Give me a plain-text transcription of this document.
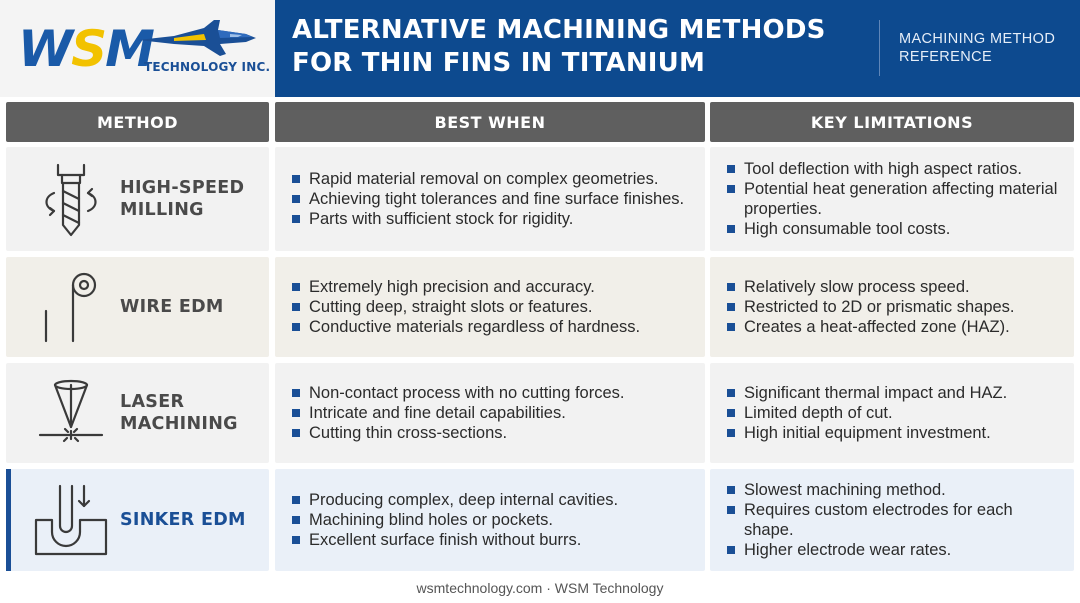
WSM
TECHNOLOGY INC.
ALTERNATIVE MACHINING METHODS
FOR THIN FINS IN TITANIUM
MACHINING METHOD
REFERENCE
METHOD	BEST WHEN	KEY LIMITATIONS
HIGH-SPEED
MILLING
Rapid material removal on complex geometries.
Achieving tight tolerances and fine surface finishes.
Parts with sufficient stock for rigidity.
Tool deflection with high aspect ratios.
Potential heat generation affecting material properties.
High consumable tool costs.
WIRE EDM
Extremely high precision and accuracy.
Cutting deep, straight slots or features.
Conductive materials regardless of hardness.
Relatively slow process speed.
Restricted to 2D or prismatic shapes.
Creates a heat-affected zone (HAZ).
LASER
MACHINING
Non-contact process with no cutting forces.
Intricate and fine detail capabilities.
Cutting thin cross-sections.
Significant thermal impact and HAZ.
Limited depth of cut.
High initial equipment investment.
SINKER EDM
Producing complex, deep internal cavities.
Machining blind holes or pockets.
Excellent surface finish without burrs.
Slowest machining method.
Requires custom electrodes for each shape.
Higher electrode wear rates.
wsmtechnology.com · WSM Technology
